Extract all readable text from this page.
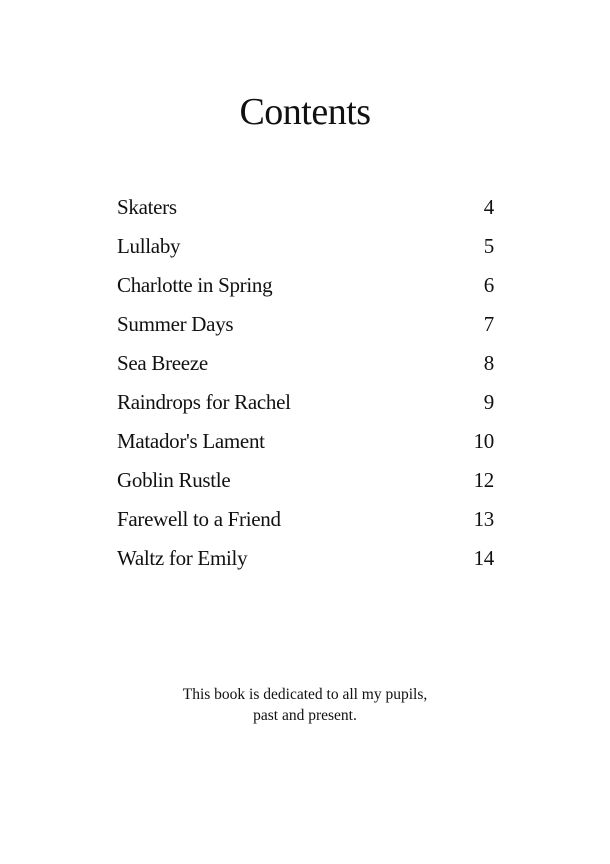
Contents
Skaters	4
Lullaby	5
Charlotte in Spring	6
Summer Days	7
Sea Breeze	8
Raindrops for Rachel	9
Matador's Lament	10
Goblin Rustle	12
Farewell to a Friend	13
Waltz for Emily	14
This book is dedicated to all my pupils,
past and present.
